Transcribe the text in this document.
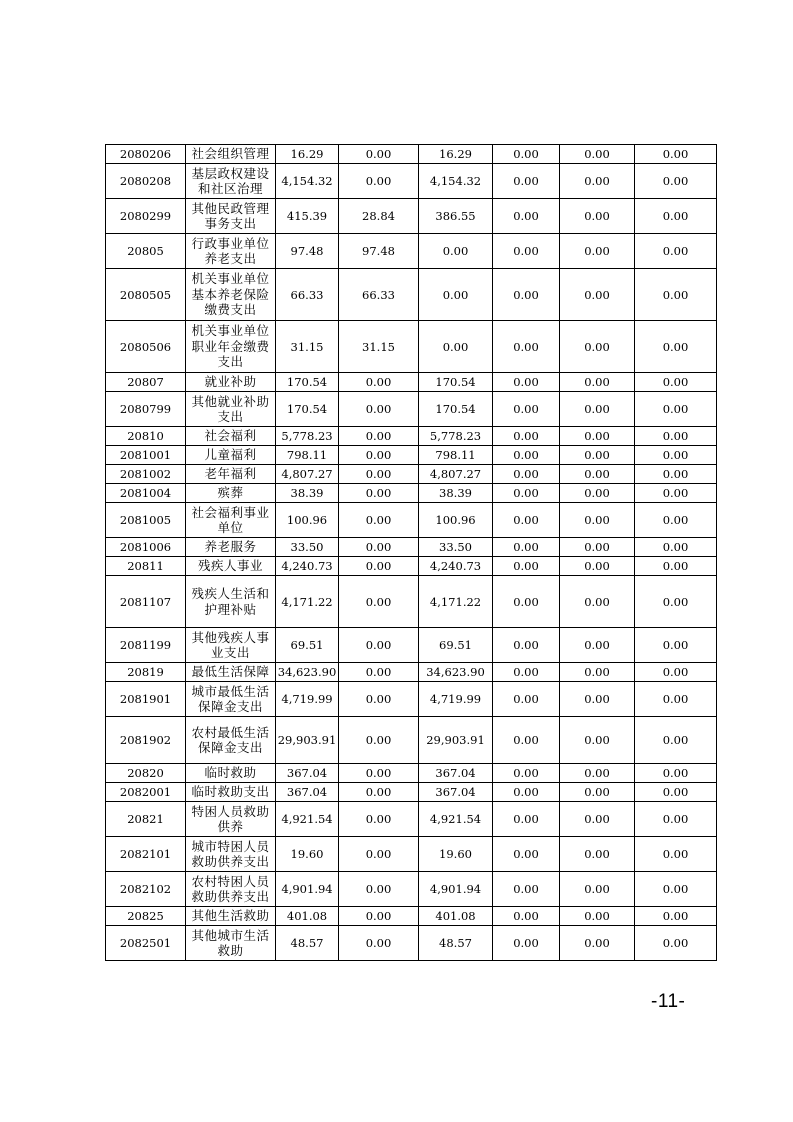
2080206	社会组织管理	16.29	0.00	16.29	0.00	0.00	0.00
2080208	基层政权建设
和社区治理	4,154.32	0.00	4,154.32	0.00	0.00	0.00
2080299	其他民政管理
事务支出	415.39	28.84	386.55	0.00	0.00	0.00
20805	行政事业单位
养老支出	97.48	97.48	0.00	0.00	0.00	0.00
2080505	机关事业单位
基本养老保险
缴费支出	66.33	66.33	0.00	0.00	0.00	0.00
2080506	机关事业单位
职业年金缴费
支出	31.15	31.15	0.00	0.00	0.00	0.00
20807	就业补助	170.54	0.00	170.54	0.00	0.00	0.00
2080799	其他就业补助
支出	170.54	0.00	170.54	0.00	0.00	0.00
20810	社会福利	5,778.23	0.00	5,778.23	0.00	0.00	0.00
2081001	儿童福利	798.11	0.00	798.11	0.00	0.00	0.00
2081002	老年福利	4,807.27	0.00	4,807.27	0.00	0.00	0.00
2081004	殡葬	38.39	0.00	38.39	0.00	0.00	0.00
2081005	社会福利事业
单位	100.96	0.00	100.96	0.00	0.00	0.00
2081006	养老服务	33.50	0.00	33.50	0.00	0.00	0.00
20811	残疾人事业	4,240.73	0.00	4,240.73	0.00	0.00	0.00
2081107	残疾人生活和
护理补贴	4,171.22	0.00	4,171.22	0.00	0.00	0.00
2081199	其他残疾人事
业支出	69.51	0.00	69.51	0.00	0.00	0.00
20819	最低生活保障	34,623.90	0.00	34,623.90	0.00	0.00	0.00
2081901	城市最低生活
保障金支出	4,719.99	0.00	4,719.99	0.00	0.00	0.00
2081902	农村最低生活
保障金支出	29,903.91	0.00	29,903.91	0.00	0.00	0.00
20820	临时救助	367.04	0.00	367.04	0.00	0.00	0.00
2082001	临时救助支出	367.04	0.00	367.04	0.00	0.00	0.00
20821	特困人员救助
供养	4,921.54	0.00	4,921.54	0.00	0.00	0.00
2082101	城市特困人员
救助供养支出	19.60	0.00	19.60	0.00	0.00	0.00
2082102	农村特困人员
救助供养支出	4,901.94	0.00	4,901.94	0.00	0.00	0.00
20825	其他生活救助	401.08	0.00	401.08	0.00	0.00	0.00
2082501	其他城市生活
救助	48.57	0.00	48.57	0.00	0.00	0.00
-11-
